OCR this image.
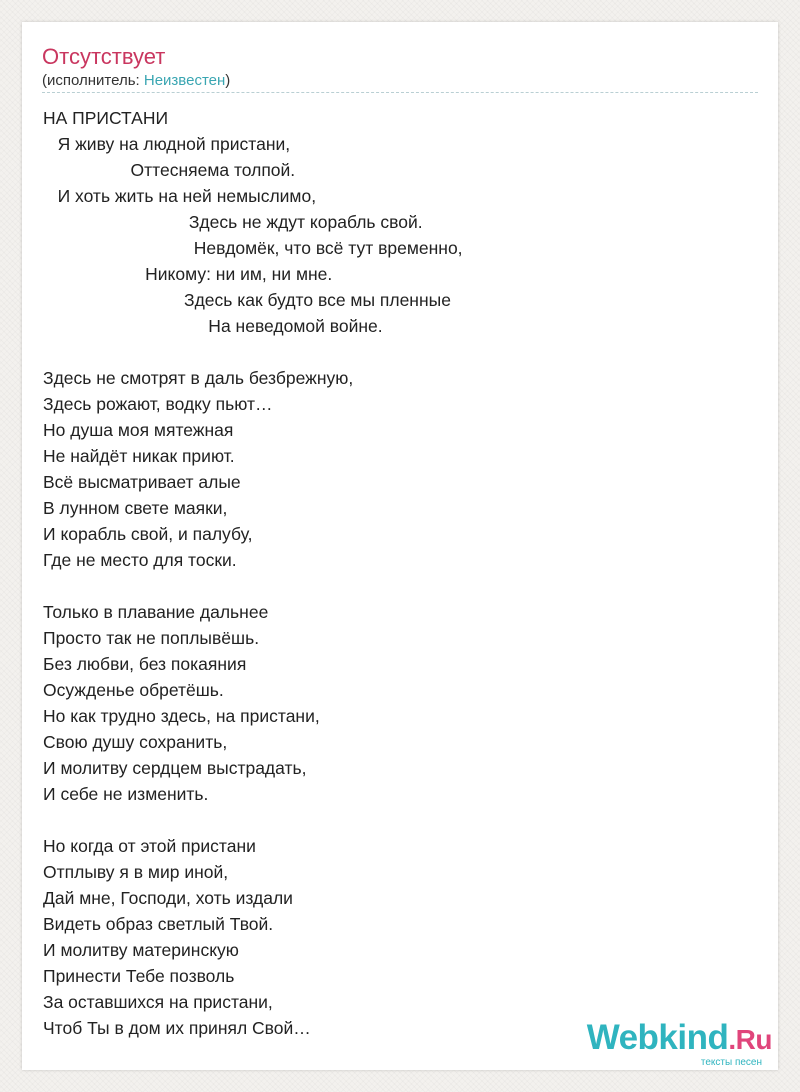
Отсутствует
(исполнитель: Неизвестен)
НА ПРИСТАНИ
Я живу на людной пристани,
Оттесняема толпой.
И хоть жить на ней немыслимо,
Здесь не ждут корабль свой.
Невдомёк, что всё тут временно,
Никому: ни им, ни мне.
Здесь как будто все мы пленные
На неведомой войне.
Здесь не смотрят в даль безбрежную,
Здесь рожают, водку пьют…
Но душа моя мятежная
Не найдёт никак приют.
Всё высматривает алые
В лунном свете маяки,
И корабль свой, и палубу,
Где не место для тоски.
Только в плавание дальнее
Просто так не поплывёшь.
Без любви, без покаяния
Осужденье обретёшь.
Но как трудно здесь, на пристани,
Свою душу сохранить,
И молитву сердцем выстрадать,
И себе не изменить.
Но когда от этой пристани
Отплыву я в мир иной,
Дай мне, Господи, хоть издали
Видеть образ светлый Твой.
И молитву материнскую
Принести Тебе позволь
За оставшихся на пристани,
Чтоб Ты в дом их принял Свой…	Webkind.Ru
тексты песен
